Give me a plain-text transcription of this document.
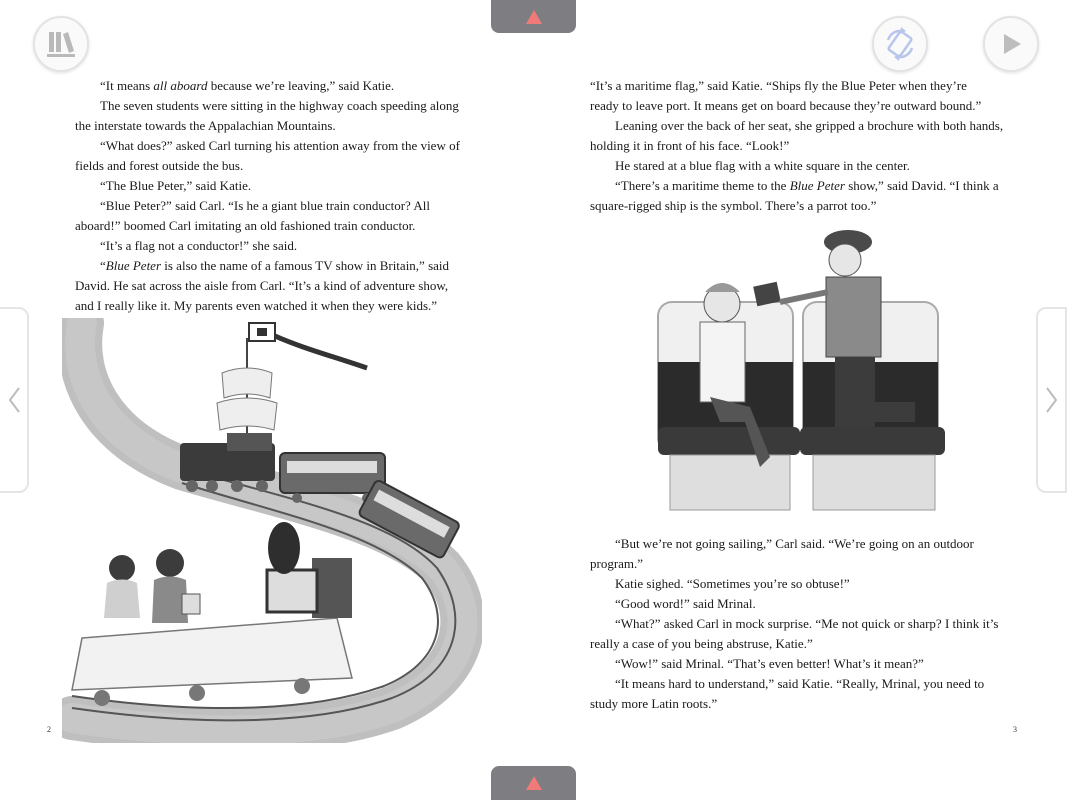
“It means all aboard because we’re leaving,” said Katie.

The seven students were sitting in the highway coach speeding along

the interstate towards the Appalachian Mountains.

“What does?” asked Carl turning his attention away from the view of

fields and forest outside the bus.

“The Blue Peter,” said Katie.

“Blue Peter?” said Carl. “Is he a giant blue train conductor? All

aboard!” boomed Carl imitating an old fashioned train conductor.

“It’s a flag not a conductor!” she said.

“Blue Peter is also the name of a famous TV show in Britain,” said

David. He sat across the aisle from Carl. “It’s a kind of adventure show,

and I really like it. My parents even watched it when they were kids.”

2

“It’s a maritime flag,” said Katie. “Ships fly the Blue Peter when they’re

ready to leave port. It means get on board because they’re outward bound.”

Leaning over the back of her seat, she gripped a brochure with both hands,

holding it in front of his face. “Look!”

He stared at a blue flag with a white square in the center.

“There’s a maritime theme to the Blue Peter show,” said David. “I think a

square-rigged ship is the symbol. There’s a parrot too.”

“But we’re not going sailing,” Carl said. “We’re going on an outdoor

program.”

Katie sighed. “Sometimes you’re so obtuse!”

“Good word!” said Mrinal.

“What?” asked Carl in mock surprise. “Me not quick or sharp? I think it’s

really a case of you being abstruse, Katie.”

“Wow!” said Mrinal. “That’s even better! What’s it mean?”

“It means hard to understand,” said Katie. “Really, Mrinal, you need to

study more Latin roots.”

3
